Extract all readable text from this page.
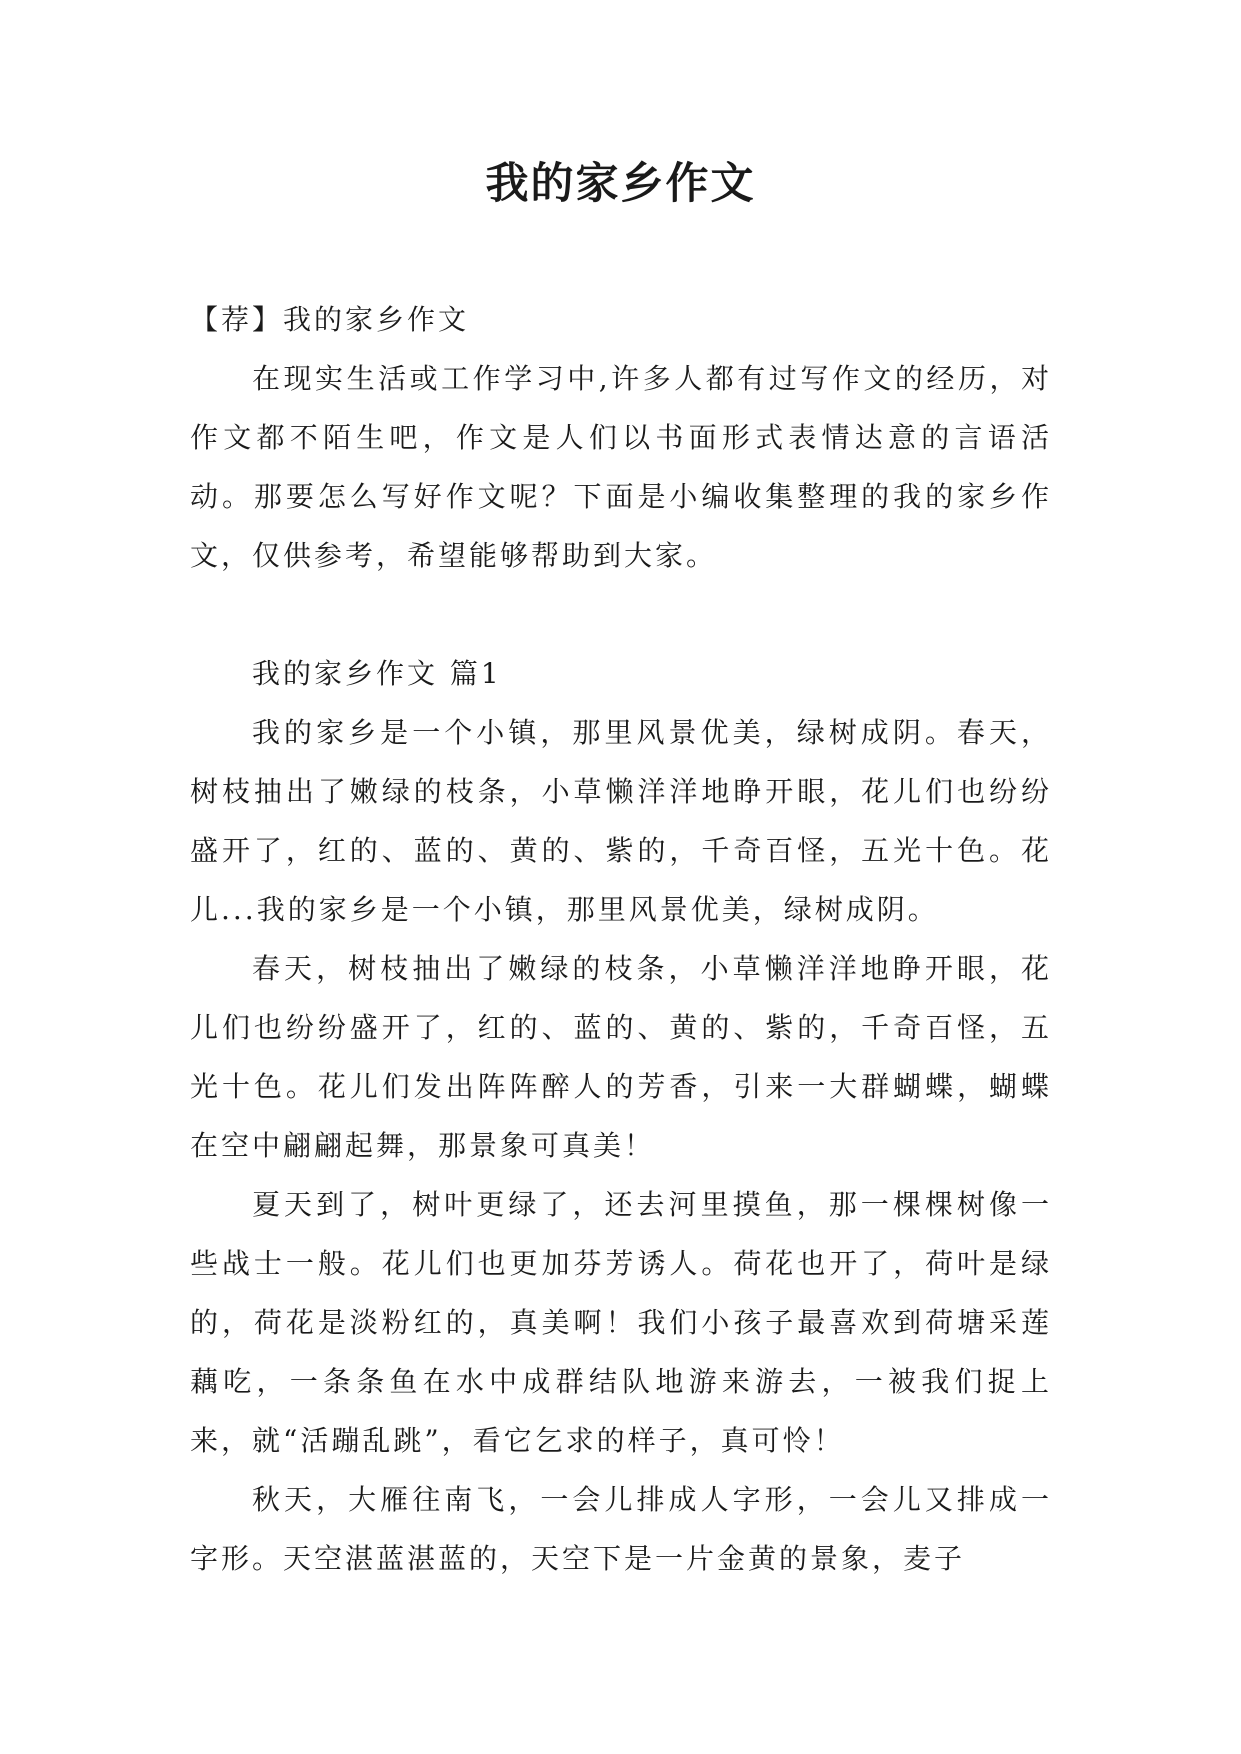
我的家乡作文

【荐】我的家乡作文

在现实生活或工作学习中,许多人都有过写作文的经历，对作文都不陌生吧，作文是人们以书面形式表情达意的言语活动。那要怎么写好作文呢？下面是小编收集整理的我的家乡作文，仅供参考，希望能够帮助到大家。

我的家乡作文 篇1

我的家乡是一个小镇，那里风景优美，绿树成阴。春天，树枝抽出了嫩绿的枝条，小草懒洋洋地睁开眼，花儿们也纷纷盛开了，红的、蓝的、黄的、紫的，千奇百怪，五光十色。花儿...我的家乡是一个小镇，那里风景优美，绿树成阴。

春天，树枝抽出了嫩绿的枝条，小草懒洋洋地睁开眼，花儿们也纷纷盛开了，红的、蓝的、黄的、紫的，千奇百怪，五光十色。花儿们发出阵阵醉人的芳香，引来一大群蝴蝶，蝴蝶在空中翩翩起舞，那景象可真美！

夏天到了，树叶更绿了，还去河里摸鱼，那一棵棵树像一些战士一般。花儿们也更加芬芳诱人。荷花也开了，荷叶是绿的，荷花是淡粉红的，真美啊！我们小孩子最喜欢到荷塘采莲藕吃，一条条鱼在水中成群结队地游来游去，一被我们捉上来，就“活蹦乱跳”，看它乞求的样子，真可怜！

秋天，大雁往南飞，一会儿排成人字形，一会儿又排成一字形。天空湛蓝湛蓝的，天空下是一片金黄的景象，麦子
